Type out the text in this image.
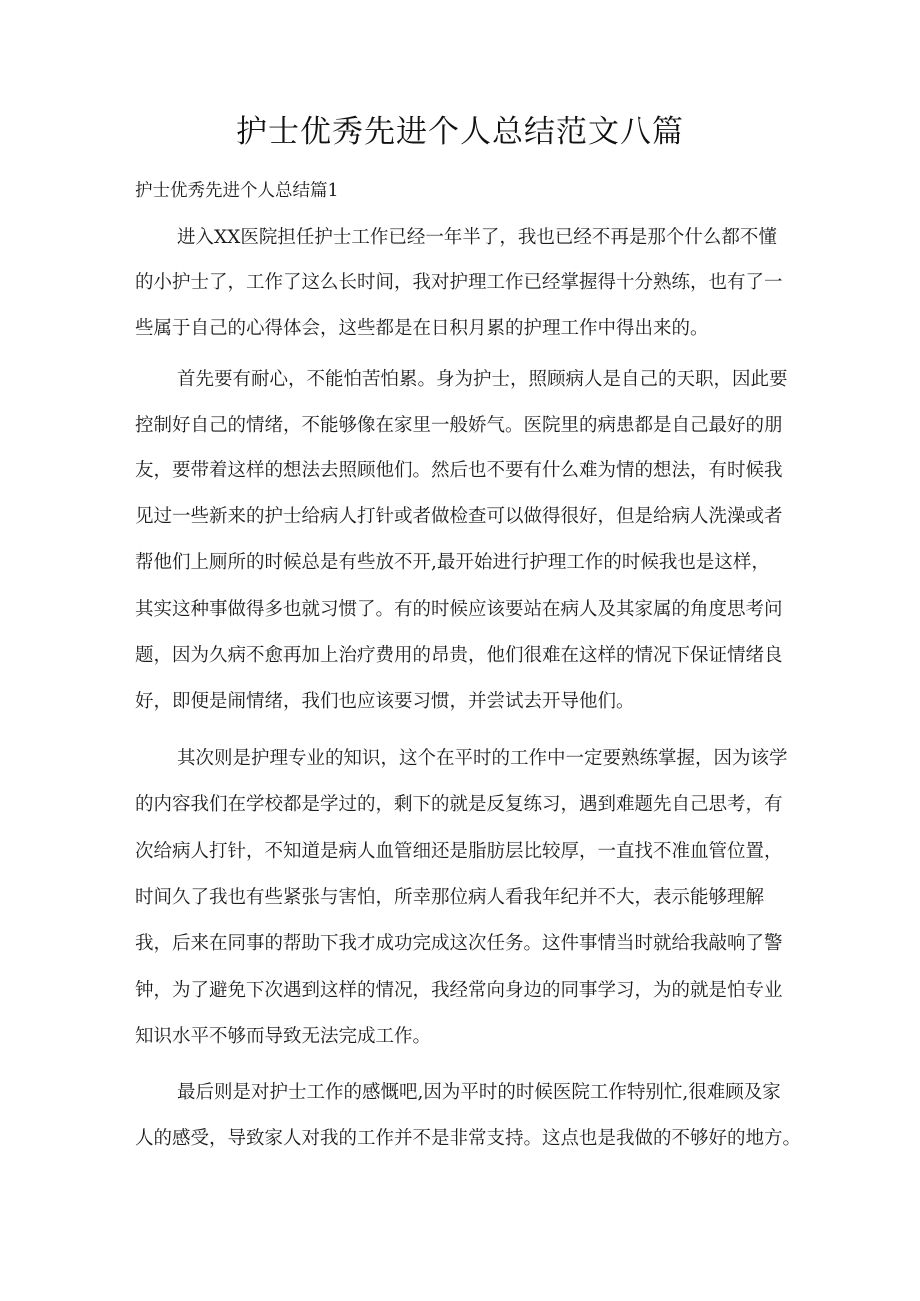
护士优秀先进个人总结范文八篇
护士优秀先进个人总结篇1
进入XX医院担任护士工作已经一年半了，我也已经不再是那个什么都不懂
的小护士了，工作了这么长时间，我对护理工作已经掌握得十分熟练，也有了一
些属于自己的心得体会，这些都是在日积月累的护理工作中得出来的。
首先要有耐心，不能怕苦怕累。身为护士，照顾病人是自己的天职，因此要
控制好自己的情绪，不能够像在家里一般娇气。医院里的病患都是自己最好的朋
友，要带着这样的想法去照顾他们。然后也不要有什么难为情的想法，有时候我
见过一些新来的护士给病人打针或者做检查可以做得很好，但是给病人洗澡或者
帮他们上厕所的时候总是有些放不开,最开始进行护理工作的时候我也是这样，
其实这种事做得多也就习惯了。有的时候应该要站在病人及其家属的角度思考问
题，因为久病不愈再加上治疗费用的昂贵，他们很难在这样的情况下保证情绪良
好，即便是闹情绪，我们也应该要习惯，并尝试去开导他们。
其次则是护理专业的知识，这个在平时的工作中一定要熟练掌握，因为该学
的内容我们在学校都是学过的，剩下的就是反复练习，遇到难题先自己思考，有
次给病人打针，不知道是病人血管细还是脂肪层比较厚，一直找不准血管位置，
时间久了我也有些紧张与害怕，所幸那位病人看我年纪并不大，表示能够理解
我，后来在同事的帮助下我才成功完成这次任务。这件事情当时就给我敲响了警
钟，为了避免下次遇到这样的情况，我经常向身边的同事学习，为的就是怕专业
知识水平不够而导致无法完成工作。
最后则是对护士工作的感慨吧,因为平时的时候医院工作特别忙,很难顾及家
人的感受，导致家人对我的工作并不是非常支持。这点也是我做的不够好的地方。
